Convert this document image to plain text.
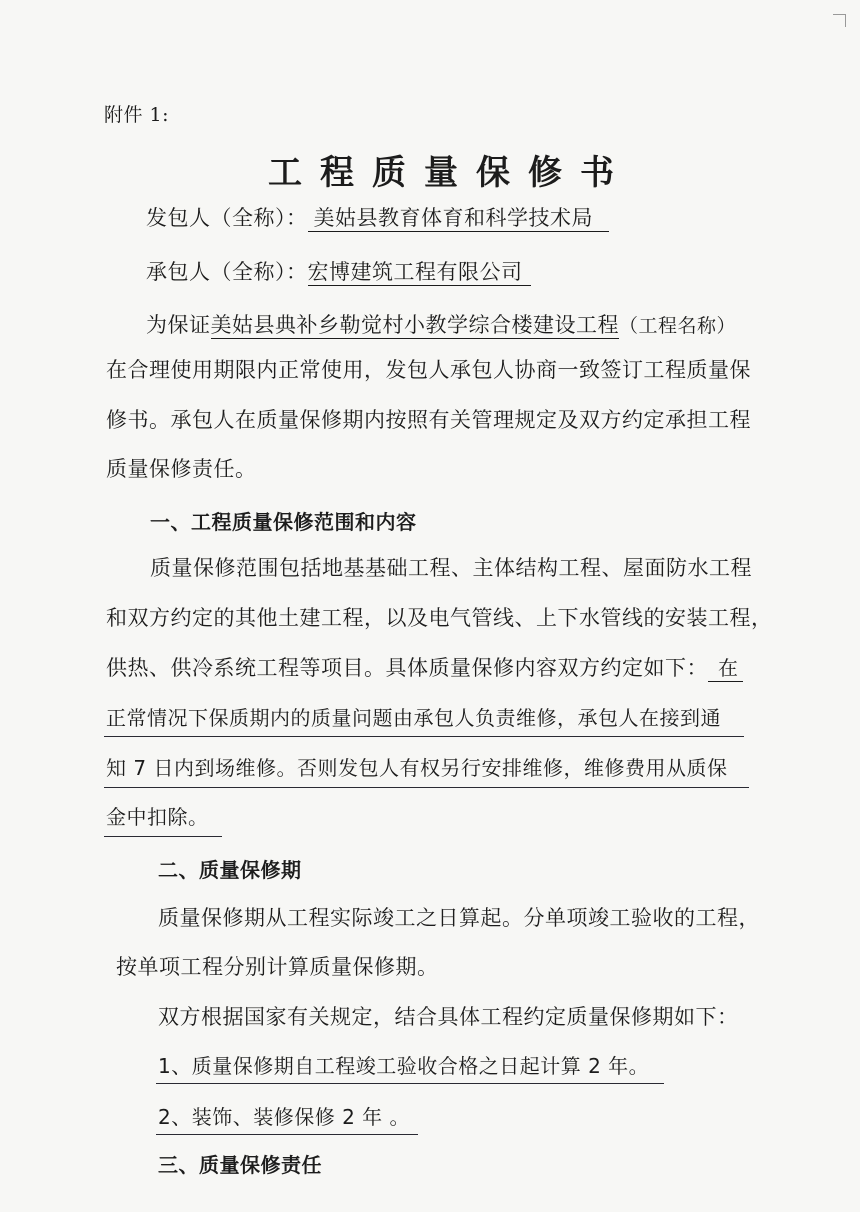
附件 1:
工程质量保修书
发包人（全称）： 美姑县教育体育和科学技术局
承包人（全称）：宏博建筑工程有限公司
为保证美姑县典补乡勒觉村小教学综合楼建设工程（工程名称）
在合理使用期限内正常使用，发包人承包人协商一致签订工程质量保
修书。承包人在质量保修期内按照有关管理规定及双方约定承担工程
质量保修责任。
一、工程质量保修范围和内容
质量保修范围包括地基基础工程、主体结构工程、屋面防水工程
和双方约定的其他土建工程，以及电气管线、上下水管线的安装工程，
供热、供冷系统工程等项目。具体质量保修内容双方约定如下： 在
正常情况下保质期内的质量问题由承包人负责维修，承包人在接到通
知 7 日内到场维修。否则发包人有权另行安排维修，维修费用从质保
金中扣除。
二、质量保修期
质量保修期从工程实际竣工之日算起。分单项竣工验收的工程，
按单项工程分别计算质量保修期。
双方根据国家有关规定，结合具体工程约定质量保修期如下：
1、质量保修期自工程竣工验收合格之日起计算 2 年。
2、装饰、装修保修 2 年 。
三、质量保修责任
